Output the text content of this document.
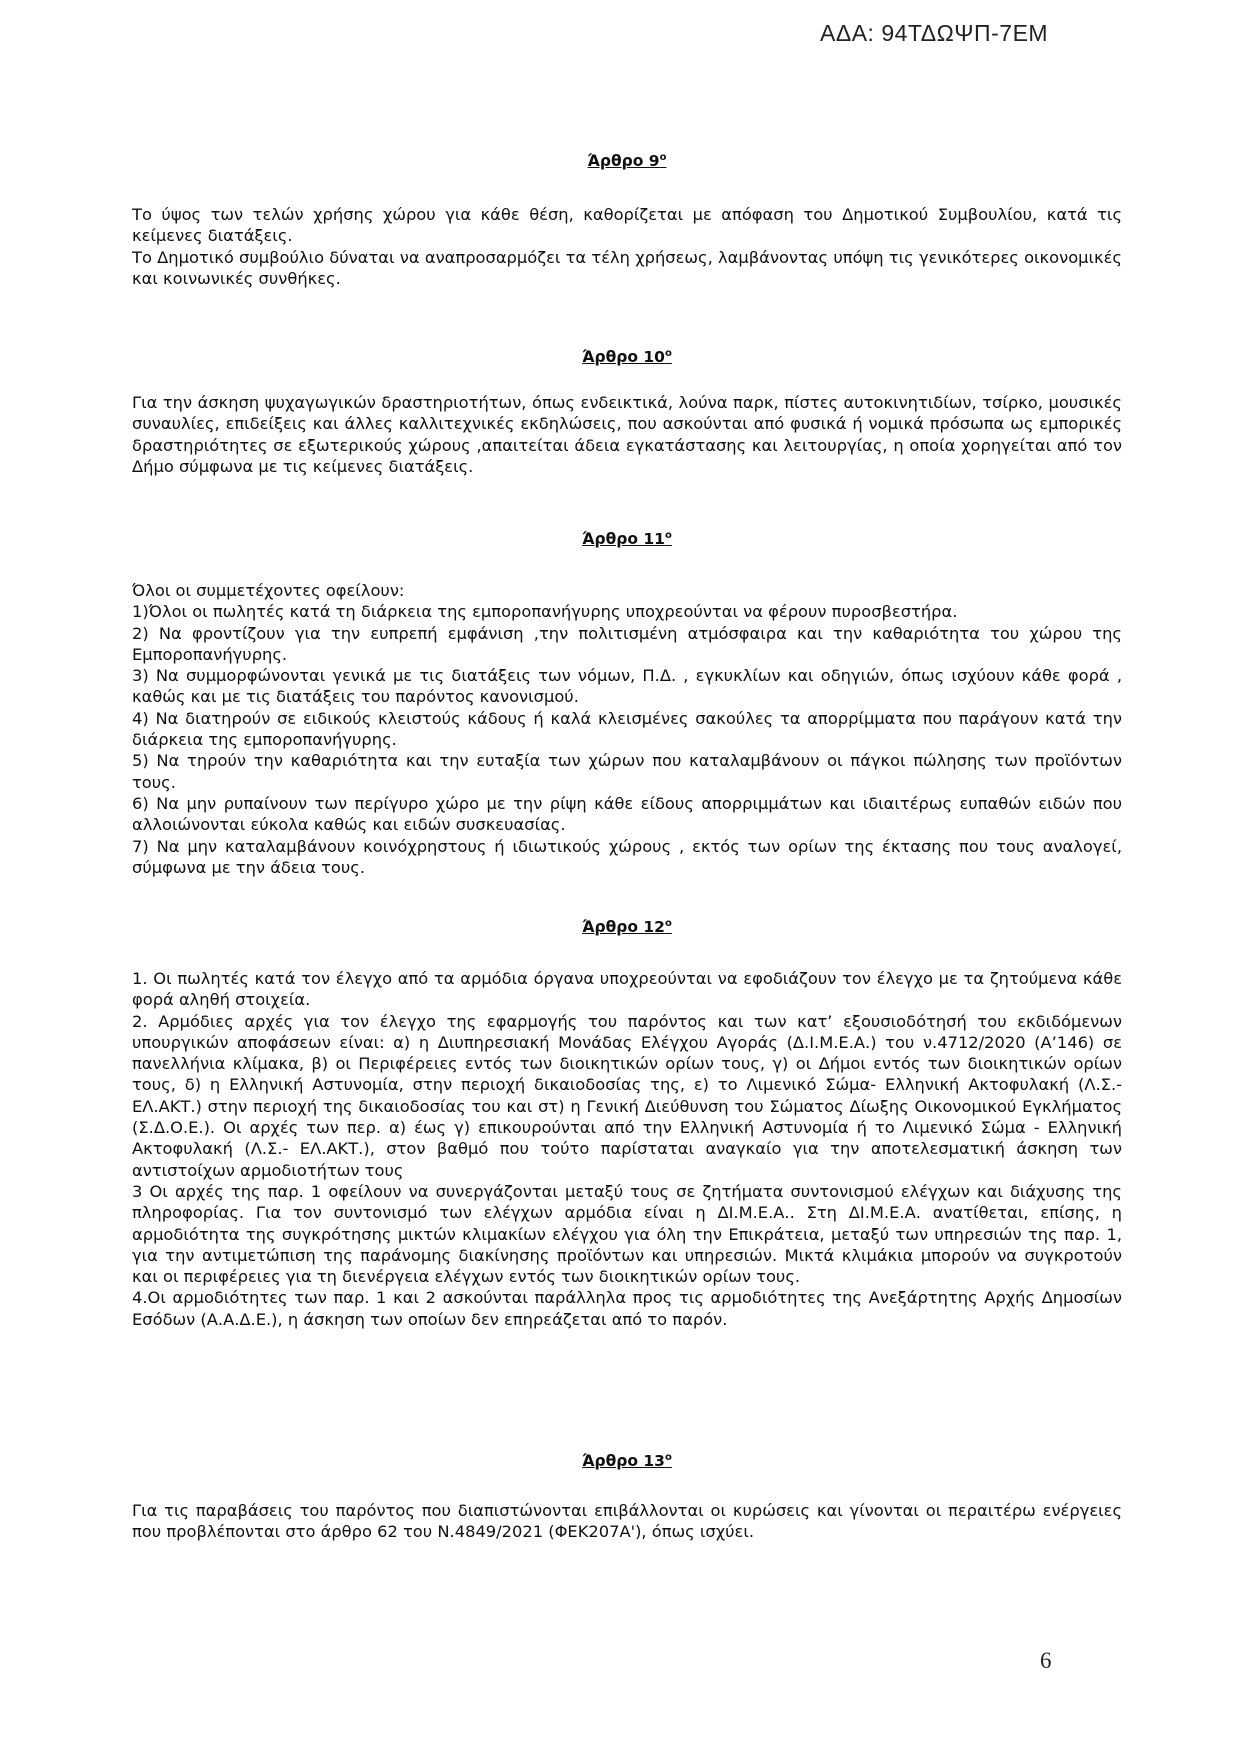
ΑΔΑ: 94ΤΔΩΨΠ-7ΕΜ
Άρθρο $9^o$

Το ύψος των τελών χρήσης χώρου για κάθε θέση, καθορίζεται με απόφαση του Δημοτικού Συμβουλίου, κατά τις κείμενες διατάξεις.

Το Δημοτικό συμβούλιο δύναται να αναπροσαρμόζει τα τέλη χρήσεως, λαμβάνοντας υπόψη τις γενικότερες οικονομικές και κοινωνικές συνθήκες.

Άρθρο $10^o$

Για την άσκηση ψυχαγωγικών δραστηριοτήτων, όπως ενδεικτικά, λούνα παρκ, πίστες αυτοκινητιδίων, τσίρκο, μουσικές συναυλίες, επιδείξεις και άλλες καλλιτεχνικές εκδηλώσεις, που ασκούνται από φυσικά ή νομικά πρόσωπα ως εμπορικές δραστηριότητες σε εξωτερικούς χώρους ,απαιτείται άδεια εγκατάστασης και λειτουργίας, η οποία χορηγείται από τον Δήμο σύμφωνα με τις κείμενες διατάξεις.

Άρθρο $11^o$

Όλοι οι συμμετέχοντες οφείλουν:

1)Όλοι οι πωλητές κατά τη διάρκεια της εμποροπανήγυρης υποχρεούνται να φέρουν πυροσβεστήρα.

2) Να φροντίζουν για την ευπρεπή εμφάνιση ,την πολιτισμένη ατμόσφαιρα και την καθαριότητα του χώρου της Εμποροπανήγυρης.

3) Να συμμορφώνονται γενικά με τις διατάξεις των νόμων, Π.Δ. , εγκυκλίων και οδηγιών, όπως ισχύουν κάθε φορά , καθώς και με τις διατάξεις του παρόντος κανονισμού.

4) Να διατηρούν σε ειδικούς κλειστούς κάδους ή καλά κλεισμένες σακούλες τα απορρίμματα που παράγουν κατά την διάρκεια της εμποροπανήγυρης.

5) Να τηρούν την καθαριότητα και την ευταξία των χώρων που καταλαμβάνουν οι πάγκοι πώλησης των προϊόντων τους.

6) Να μην ρυπαίνουν των περίγυρο χώρο με την ρίψη κάθε είδους απορριμμάτων και ιδιαιτέρως ευπαθών ειδών που αλλοιώνονται εύκολα καθώς και ειδών συσκευασίας.

7) Να μην καταλαμβάνουν κοινόχρηστους ή ιδιωτικούς χώρους , εκτός των ορίων της έκτασης που τους αναλογεί, σύμφωνα με την άδεια τους.

Άρθρο $12^o$

1. Οι πωλητές κατά τον έλεγχο από τα αρμόδια όργανα υποχρεούνται να εφοδιάζουν τον έλεγχο με τα ζητούμενα κάθε φορά αληθή στοιχεία.

2. Αρμόδιες αρχές για τον έλεγχο της εφαρμογής του παρόντος και των κατ’ εξουσιοδότησή του εκδιδόμενων υπουργικών αποφάσεων είναι: α) η Διυπηρεσιακή Μονάδας Ελέγχου Αγοράς (Δ.Ι.Μ.Ε.Α.) του ν.4712/2020 (Α’146) σε πανελλήνια κλίμακα, β) οι Περιφέρειες εντός των διοικητικών ορίων τους, γ) οι Δήμοι εντός των διοικητικών ορίων τους, δ) η Ελληνική Αστυνομία, στην περιοχή δικαιοδοσίας της, ε) το Λιμενικό Σώμα- Ελληνική Ακτοφυλακή (Λ.Σ.- ΕΛ.ΑΚΤ.) στην περιοχή της δικαιοδοσίας του και στ) η Γενική Διεύθυνση του Σώματος Δίωξης Οικονομικού Εγκλήματος (Σ.Δ.Ο.Ε.). Οι αρχές των περ. α) έως γ) επικουρούνται από την Ελληνική Αστυνομία ή το Λιμενικό Σώμα - Ελληνική Ακτοφυλακή (Λ.Σ.- ΕΛ.ΑΚΤ.), στον βαθμό που τούτο παρίσταται αναγκαίο για την αποτελεσματική άσκηση των αντιστοίχων αρμοδιοτήτων τους

3 Οι αρχές της παρ. 1 οφείλουν να συνεργάζονται μεταξύ τους σε ζητήματα συντονισμού ελέγχων και διάχυσης της πληροφορίας. Για τον συντονισμό των ελέγχων αρμόδια είναι η ΔΙ.Μ.Ε.Α.. Στη ΔΙ.Μ.Ε.Α. ανατίθεται, επίσης, η αρμοδιότητα της συγκρότησης μικτών κλιμακίων ελέγχου για όλη την Επικράτεια, μεταξύ των υπηρεσιών της παρ. 1, για την αντιμετώπιση της παράνομης διακίνησης προϊόντων και υπηρεσιών. Μικτά κλιμάκια μπορούν να συγκροτούν και οι περιφέρειες για τη διενέργεια ελέγχων εντός των διοικητικών ορίων τους.

4.Οι αρμοδιότητες των παρ. 1 και 2 ασκούνται παράλληλα προς τις αρμοδιότητες της Ανεξάρτητης Αρχής Δημοσίων Εσόδων (Α.Α.Δ.Ε.), η άσκηση των οποίων δεν επηρεάζεται από το παρόν.

Άρθρο $13^o$

Για τις παραβάσεις του παρόντος που διαπιστώνονται επιβάλλονται οι κυρώσεις και γίνονται οι περαιτέρω ενέργειες που προβλέπονται στο άρθρο 62 του Ν.4849/2021 (ΦΕΚ207Α'), όπως ισχύει.

6
